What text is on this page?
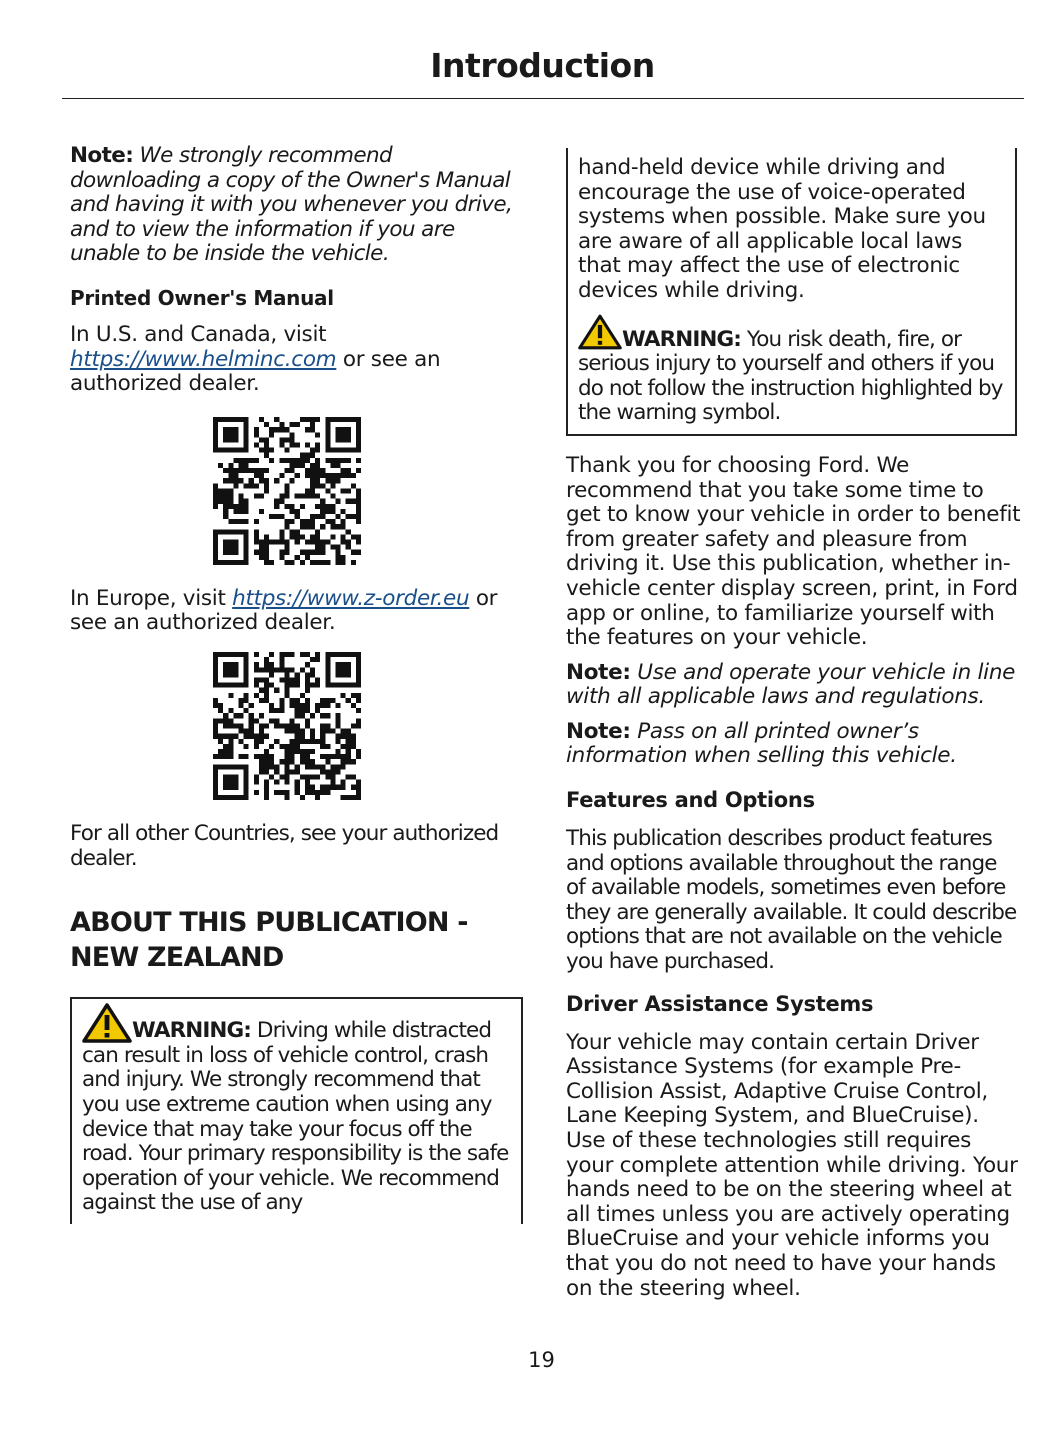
Introduction

Note: We strongly recommend downloading a copy of the Owner's Manual and having it with you whenever you drive, and to view the information if you are unable to be inside the vehicle.

Printed Owner's Manual

In U.S. and Canada, visit https://www.helminc.com or see an authorized dealer.

In Europe, visit https://www.z-order.eu or see an authorized dealer.

For all other Countries, see your authorized dealer.

ABOUT THIS PUBLICATION -
NEW ZEALAND

WARNING: Driving while distracted can result in loss of vehicle control, crash and injury. We strongly recommend that you use extreme caution when using any device that may take your focus off the road. Your primary responsibility is the safe operation of your vehicle. We recommend against the use of any

hand-held device while driving and encourage the use of voice-operated systems when possible. Make sure you are aware of all applicable local laws that may affect the use of electronic devices while driving.

WARNING: You risk death, fire, or serious injury to yourself and others if you do not follow the instruction highlighted by the warning symbol.

Thank you for choosing Ford. We recommend that you take some time to get to know your vehicle in order to benefit from greater safety and pleasure from driving it. Use this publication, whether in-vehicle center display screen, print, in Ford app or online, to familiarize yourself with the features on your vehicle.

Note: Use and operate your vehicle in line with all applicable laws and regulations.

Note: Pass on all printed owner’s information when selling this vehicle.

Features and Options

This publication describes product features and options available throughout the range of available models, sometimes even before they are generally available. It could describe options that are not available on the vehicle you have purchased.

Driver Assistance Systems

Your vehicle may contain certain Driver Assistance Systems (for example Pre-Collision Assist, Adaptive Cruise Control, Lane Keeping System, and BlueCruise). Use of these technologies still requires your complete attention while driving. Your hands need to be on the steering wheel at all times unless you are actively operating BlueCruise and your vehicle informs you that you do not need to have your hands on the steering wheel.

19
